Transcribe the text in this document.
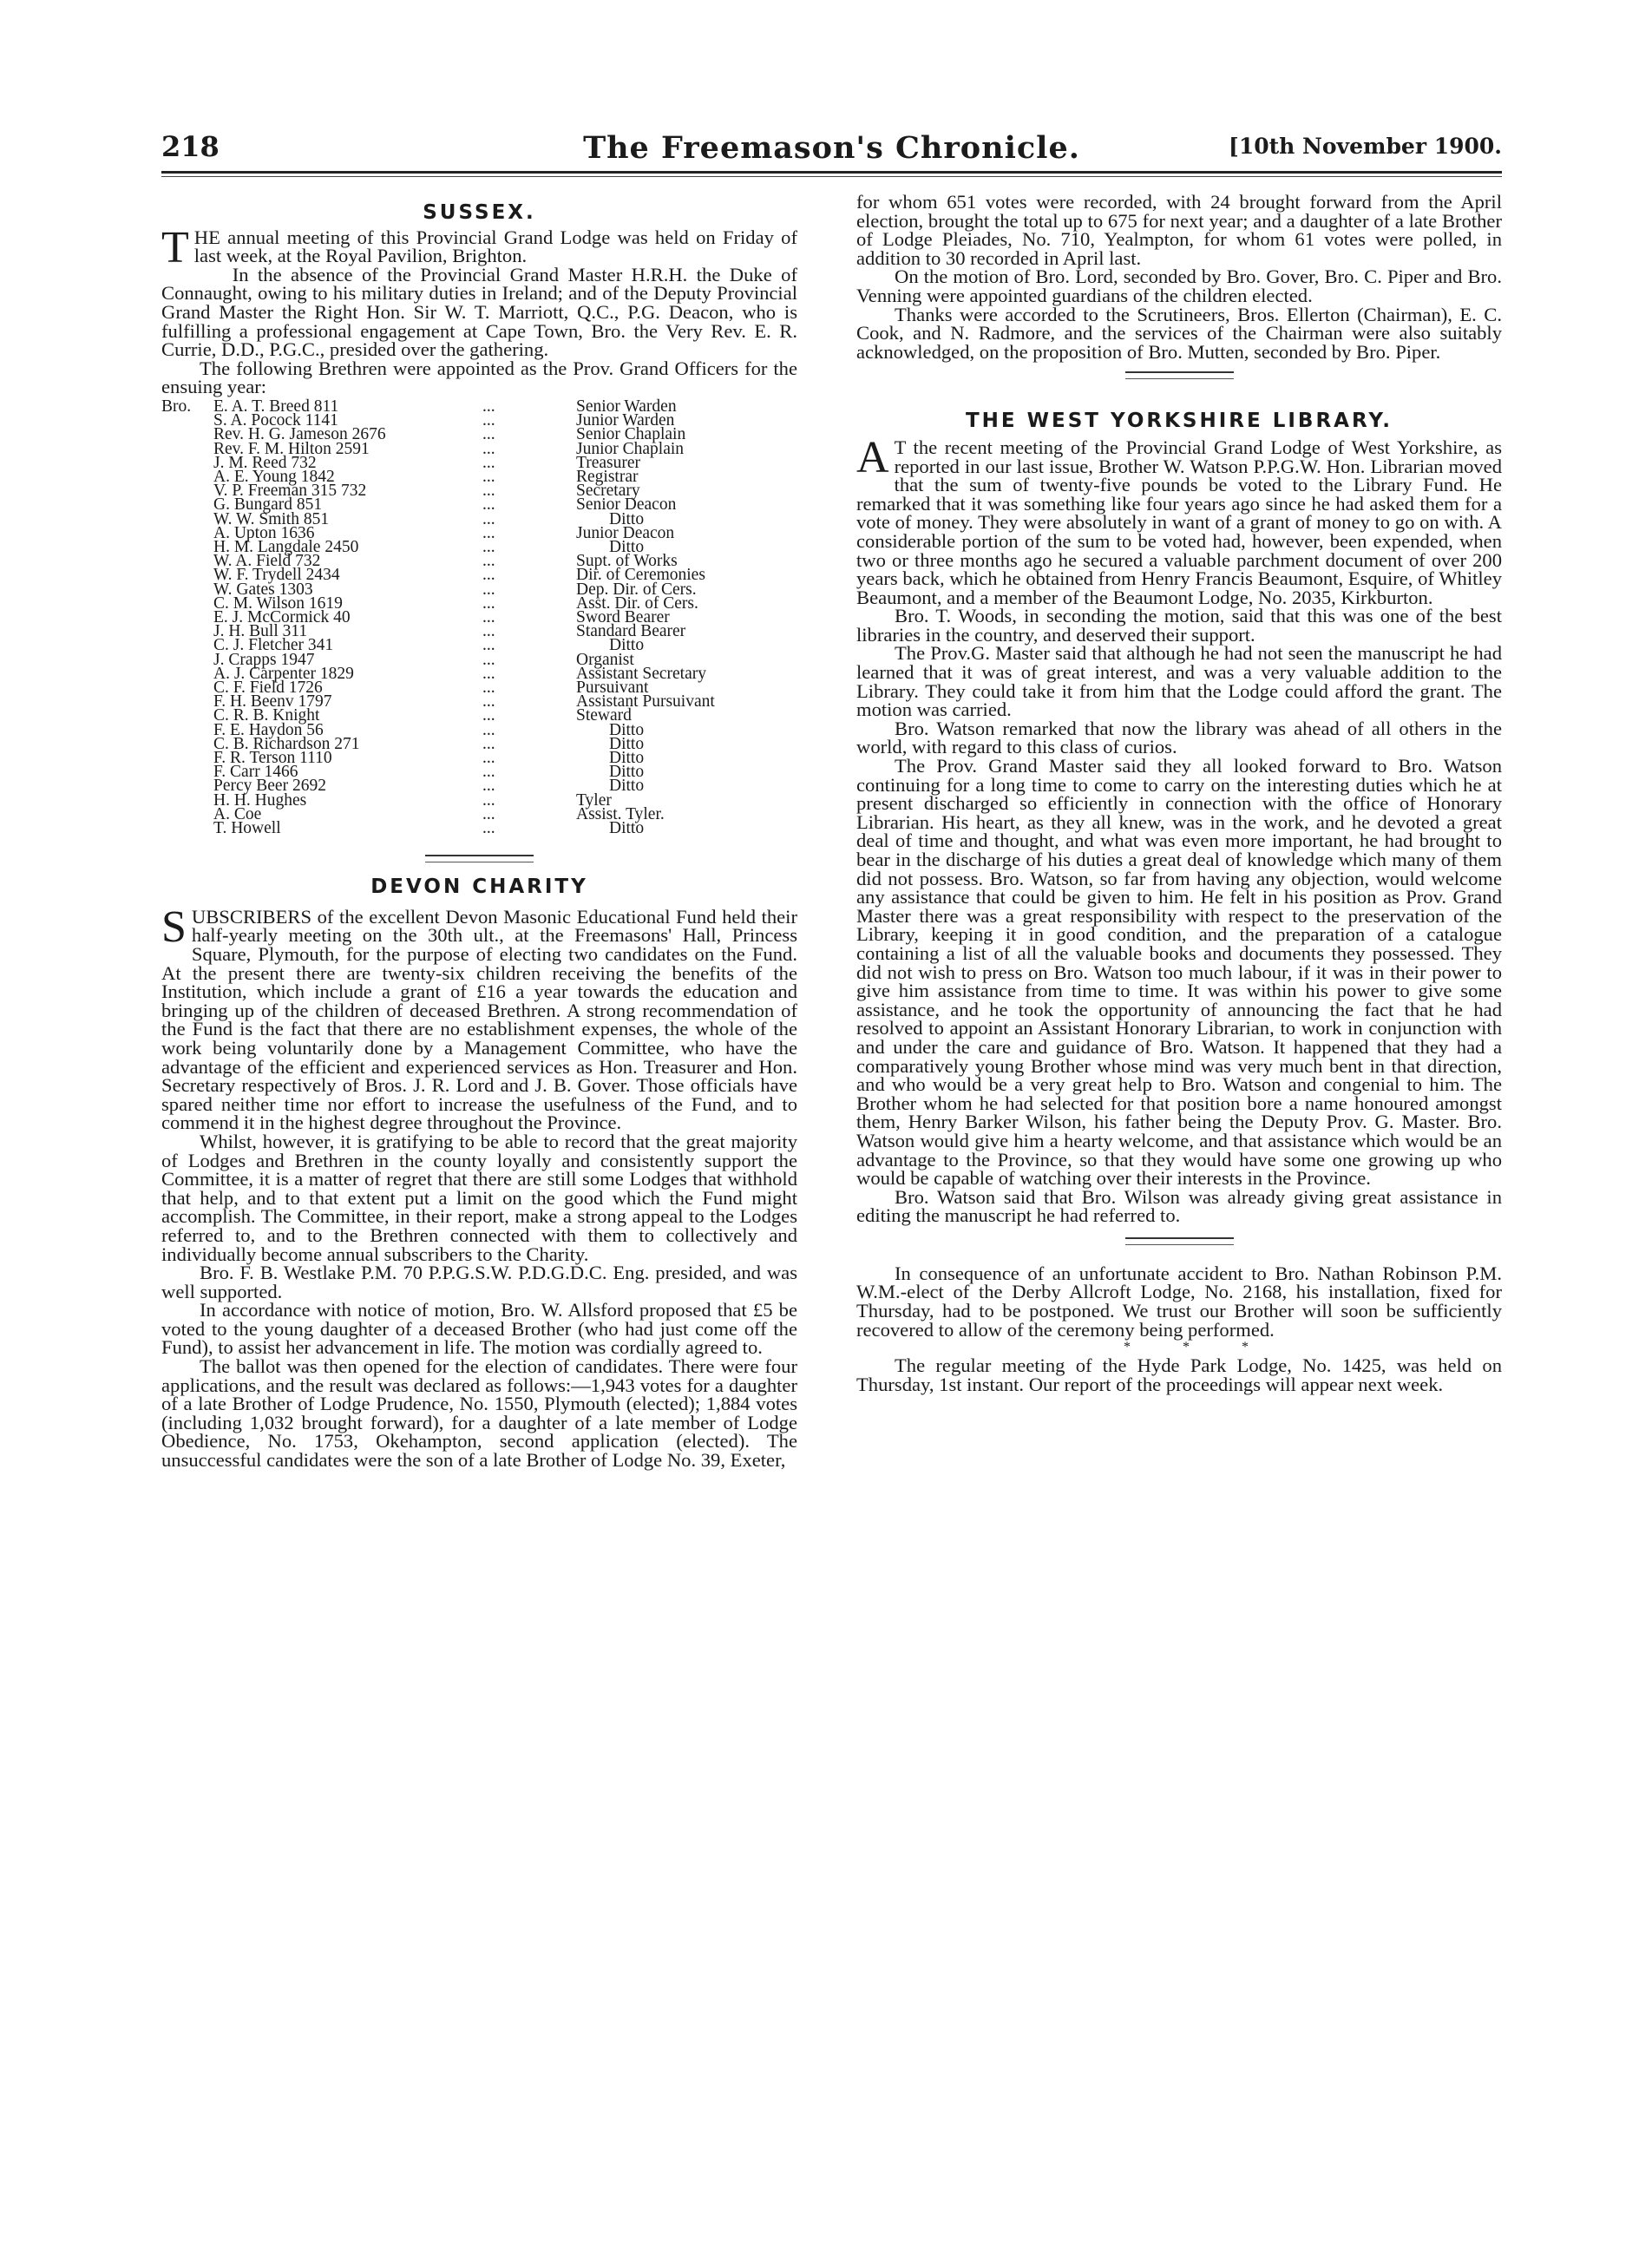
218	The Freemason's Chronicle.	[10th November 1900.
SUSSEX.

THE annual meeting of this Provincial Grand Lodge was held on Friday of last week, at the Royal Pavilion, Brighton.

In the absence of the Provincial Grand Master H.R.H. the Duke of Connaught, owing to his military duties in Ireland; and of the Deputy Provincial Grand Master the Right Hon. Sir W. T. Marriott, Q.C., P.G. Deacon, who is fulfilling a professional engagement at Cape Town, Bro. the Very Rev. E. R. Currie, D.D., P.G.C., presided over the gathering.

The following Brethren were appointed as the Prov. Grand Officers for the ensuing year:

Bro.	E. A. T. Breed 811	...	Senior Warden
	S. A. Pocock 1141	...	Junior Warden
	Rev. H. G. Jameson 2676	...	Senior Chaplain
	Rev. F. M. Hilton 2591	...	Junior Chaplain
	J. M. Reed 732	...	Treasurer
	A. E. Young 1842	...	Registrar
	V. P. Freeman 315 732	...	Secretary
	G. Bungard 851	...	Senior Deacon
	W. W. Smith 851	...	Ditto
	A. Upton 1636	...	Junior Deacon
	H. M. Langdale 2450	...	Ditto
	W. A. Field 732	...	Supt. of Works
	W. F. Trydell 2434	...	Dir. of Ceremonies
	W. Gates 1303	...	Dep. Dir. of Cers.
	C. M. Wilson 1619	...	Asst. Dir. of Cers.
	E. J. McCormick 40	...	Sword Bearer
	J. H. Bull 311	...	Standard Bearer
	C. J. Fletcher 341	...	Ditto
	J. Crapps 1947	...	Organist
	A. J. Carpenter 1829	...	Assistant Secretary
	C. F. Field 1726	...	Pursuivant
	F. H. Beenv 1797	...	Assistant Pursuivant
	C. R. B. Knight	...	Steward
	F. E. Haydon 56	...	Ditto
	C. B. Richardson 271	...	Ditto
	F. R. Terson 1110	...	Ditto
	F. Carr 1466	...	Ditto
	Percy Beer 2692	...	Ditto
	H. H. Hughes	...	Tyler
	A. Coe	...	Assist. Tyler.
	T. Howell	...	Ditto
DEVON CHARITY

SUBSCRIBERS of the excellent Devon Masonic Educational Fund held their half-yearly meeting on the 30th ult., at the Freemasons' Hall, Princess Square, Plymouth, for the purpose of electing two candidates on the Fund. At the present there are twenty-six children receiving the benefits of the Institution, which include a grant of £16 a year towards the education and bringing up of the children of deceased Brethren. A strong recommendation of the Fund is the fact that there are no establishment expenses, the whole of the work being voluntarily done by a Management Committee, who have the advantage of the efficient and experienced services as Hon. Treasurer and Hon. Secretary respectively of Bros. J. R. Lord and J. B. Gover. Those officials have spared neither time nor effort to increase the usefulness of the Fund, and to commend it in the highest degree throughout the Province.

Whilst, however, it is gratifying to be able to record that the great majority of Lodges and Brethren in the county loyally and consistently support the Committee, it is a matter of regret that there are still some Lodges that withhold that help, and to that extent put a limit on the good which the Fund might accomplish. The Committee, in their report, make a strong appeal to the Lodges referred to, and to the Brethren connected with them to collectively and individually become annual subscribers to the Charity.

Bro. F. B. Westlake P.M. 70 P.P.G.S.W. P.D.G.D.C. Eng. presided, and was well supported.

In accordance with notice of motion, Bro. W. Allsford proposed that £5 be voted to the young daughter of a deceased Brother (who had just come off the Fund), to assist her advancement in life. The motion was cordially agreed to.

The ballot was then opened for the election of candidates. There were four applications, and the result was declared as follows:—1,943 votes for a daughter of a late Brother of Lodge Prudence, No. 1550, Plymouth (elected); 1,884 votes (including 1,032 brought forward), for a daughter of a late member of Lodge Obedience, No. 1753, Okehampton, second application (elected). The unsuccessful candidates were the son of a late Brother of Lodge No. 39, Exeter,

for whom 651 votes were recorded, with 24 brought forward from the April election, brought the total up to 675 for next year; and a daughter of a late Brother of Lodge Pleiades, No. 710, Yealmpton, for whom 61 votes were polled, in addition to 30 recorded in April last.

On the motion of Bro. Lord, seconded by Bro. Gover, Bro. C. Piper and Bro. Venning were appointed guardians of the children elected.

Thanks were accorded to the Scrutineers, Bros. Ellerton (Chairman), E. C. Cook, and N. Radmore, and the services of the Chairman were also suitably acknowledged, on the proposition of Bro. Mutten, seconded by Bro. Piper.

THE WEST YORKSHIRE LIBRARY.

A T the recent meeting of the Provincial Grand Lodge of West Yorkshire, as reported in our last issue, Brother W. Watson P.P.G.W. Hon. Librarian moved that the sum of twenty-five pounds be voted to the Library Fund. He remarked that it was something like four years ago since he had asked them for a vote of money. They were absolutely in want of a grant of money to go on with. A considerable portion of the sum to be voted had, however, been expended, when two or three months ago he secured a valuable parchment document of over 200 years back, which he obtained from Henry Francis Beaumont, Esquire, of Whitley Beaumont, and a member of the Beaumont Lodge, No. 2035, Kirkburton.

Bro. T. Woods, in seconding the motion, said that this was one of the best libraries in the country, and deserved their support.

The Prov.G. Master said that although he had not seen the manuscript he had learned that it was of great interest, and was a very valuable addition to the Library. They could take it from him that the Lodge could afford the grant. The motion was carried.

Bro. Watson remarked that now the library was ahead of all others in the world, with regard to this class of curios.

The Prov. Grand Master said they all looked forward to Bro. Watson continuing for a long time to come to carry on the interesting duties which he at present discharged so efficiently in connection with the office of Honorary Librarian. His heart, as they all knew, was in the work, and he devoted a great deal of time and thought, and what was even more important, he had brought to bear in the discharge of his duties a great deal of knowledge which many of them did not possess. Bro. Watson, so far from having any objection, would welcome any assistance that could be given to him. He felt in his position as Prov. Grand Master there was a great responsibility with respect to the preservation of the Library, keeping it in good condition, and the preparation of a catalogue containing a list of all the valuable books and documents they possessed. They did not wish to press on Bro. Watson too much labour, if it was in their power to give him assistance from time to time. It was within his power to give some assistance, and he took the opportunity of announcing the fact that he had resolved to appoint an Assistant Honorary Librarian, to work in conjunction with and under the care and guidance of Bro. Watson. It happened that they had a comparatively young Brother whose mind was very much bent in that direction, and who would be a very great help to Bro. Watson and congenial to him. The Brother whom he had selected for that position bore a name honoured amongst them, Henry Barker Wilson, his father being the Deputy Prov. G. Master. Bro. Watson would give him a hearty welcome, and that assistance which would be an advantage to the Province, so that they would have some one growing up who would be capable of watching over their interests in the Province.

Bro. Watson said that Bro. Wilson was already giving great assistance in editing the manuscript he had referred to.

In consequence of an unfortunate accident to Bro. Nathan Robinson P.M. W.M.-elect of the Derby Allcroft Lodge, No. 2168, his installation, fixed for Thursday, had to be postponed. We trust our Brother will soon be sufficiently recovered to allow of the ceremony being performed.

* * *

The regular meeting of the Hyde Park Lodge, No. 1425, was held on Thursday, 1st instant. Our report of the proceedings will appear next week.
